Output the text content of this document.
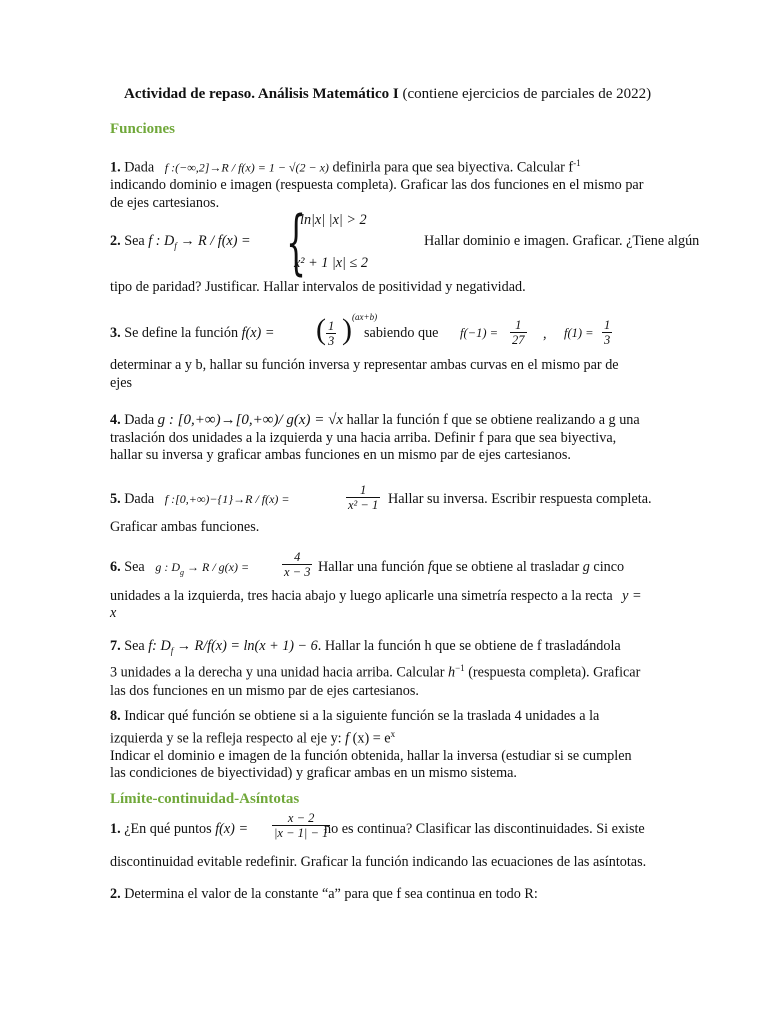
Actividad de repaso. Análisis Matemático I (contiene ejercicios de parciales de 2022)
Funciones
1. Dada   f :(−∞,2]→R / f(x) = 1 − √(2 − x) definirla para que sea biyectiva. Calcular $f^{-1}$
indicando dominio e imagen (respuesta completa). Graficar las dos funciones en el mismo par
de ejes cartesianos.
2. Sea f : $D_f \to R / f(x)$ = {
ln|x| |x| > 2
x² + 1 |x| ≤ 2
Hallar dominio e imagen. Graficar. ¿Tiene algún
tipo de paridad? Justificar. Hallar intervalos de positividad y negatividad.
3. Se define la función f(x) = ( $\frac{1}{3}$ ) (ax+b)
sabiendo que $f(-1) = \frac{1}{27}$ , $f(1) = \frac{1}{3}$
determinar a y b, hallar su función inversa y representar ambas curvas en el mismo par de
ejes
4. Dada g : [0,+∞)→[0,+∞)/ g(x) = √x hallar la función f que se obtiene realizando a g una
traslación dos unidades a la izquierda y una hacia arriba. Definir f para que sea biyectiva,
hallar su inversa y graficar ambas funciones en un mismo par de ejes cartesianos.
5. Dada   f :[0,+∞)−{1}→R / f(x) =	$\frac{1}{\text{x² − 1}}$ Hallar su inversa. Escribir respuesta completa.
Graficar ambas funciones.
6. Sea   g : $D_g \to R / g(x)$ =	$\frac{4}{x - 3}$ Hallar una función fque se obtiene al trasladar g cinco
unidades a la izquierda, tres hacia abajo y luego aplicarle una simetría respecto a la recta y =
x
7. Sea f: $D_f \to R/f(x) = \ln(x + 1) - 6$. Hallar la función h que se obtiene de f trasladándola
3 unidades a la derecha y una unidad hacia arriba. Calcular $h^{-1}$ (respuesta completa). Graficar
las dos funciones en un mismo par de ejes cartesianos.
8. Indicar qué función se obtiene si a la siguiente función se la traslada 4 unidades a la
izquierda y se la refleja respecto al eje y: f $(x) = e^x$
Indicar el dominio e imagen de la función obtenida, hallar la inversa (estudiar si se cumplen
las condiciones de biyectividad) y graficar ambas en un mismo sistema.
Límite-continuidad-Asíntotas
1. ¿En qué puntos $f(x) = \frac{x - 2}{|x - 1| - 1}$
no es continua? Clasificar las discontinuidades. Si existe
discontinuidad evitable redefinir. Graficar la función indicando las ecuaciones de las asíntotas.
2. Determina el valor de la constante “a” para que f sea continua en todo R:
